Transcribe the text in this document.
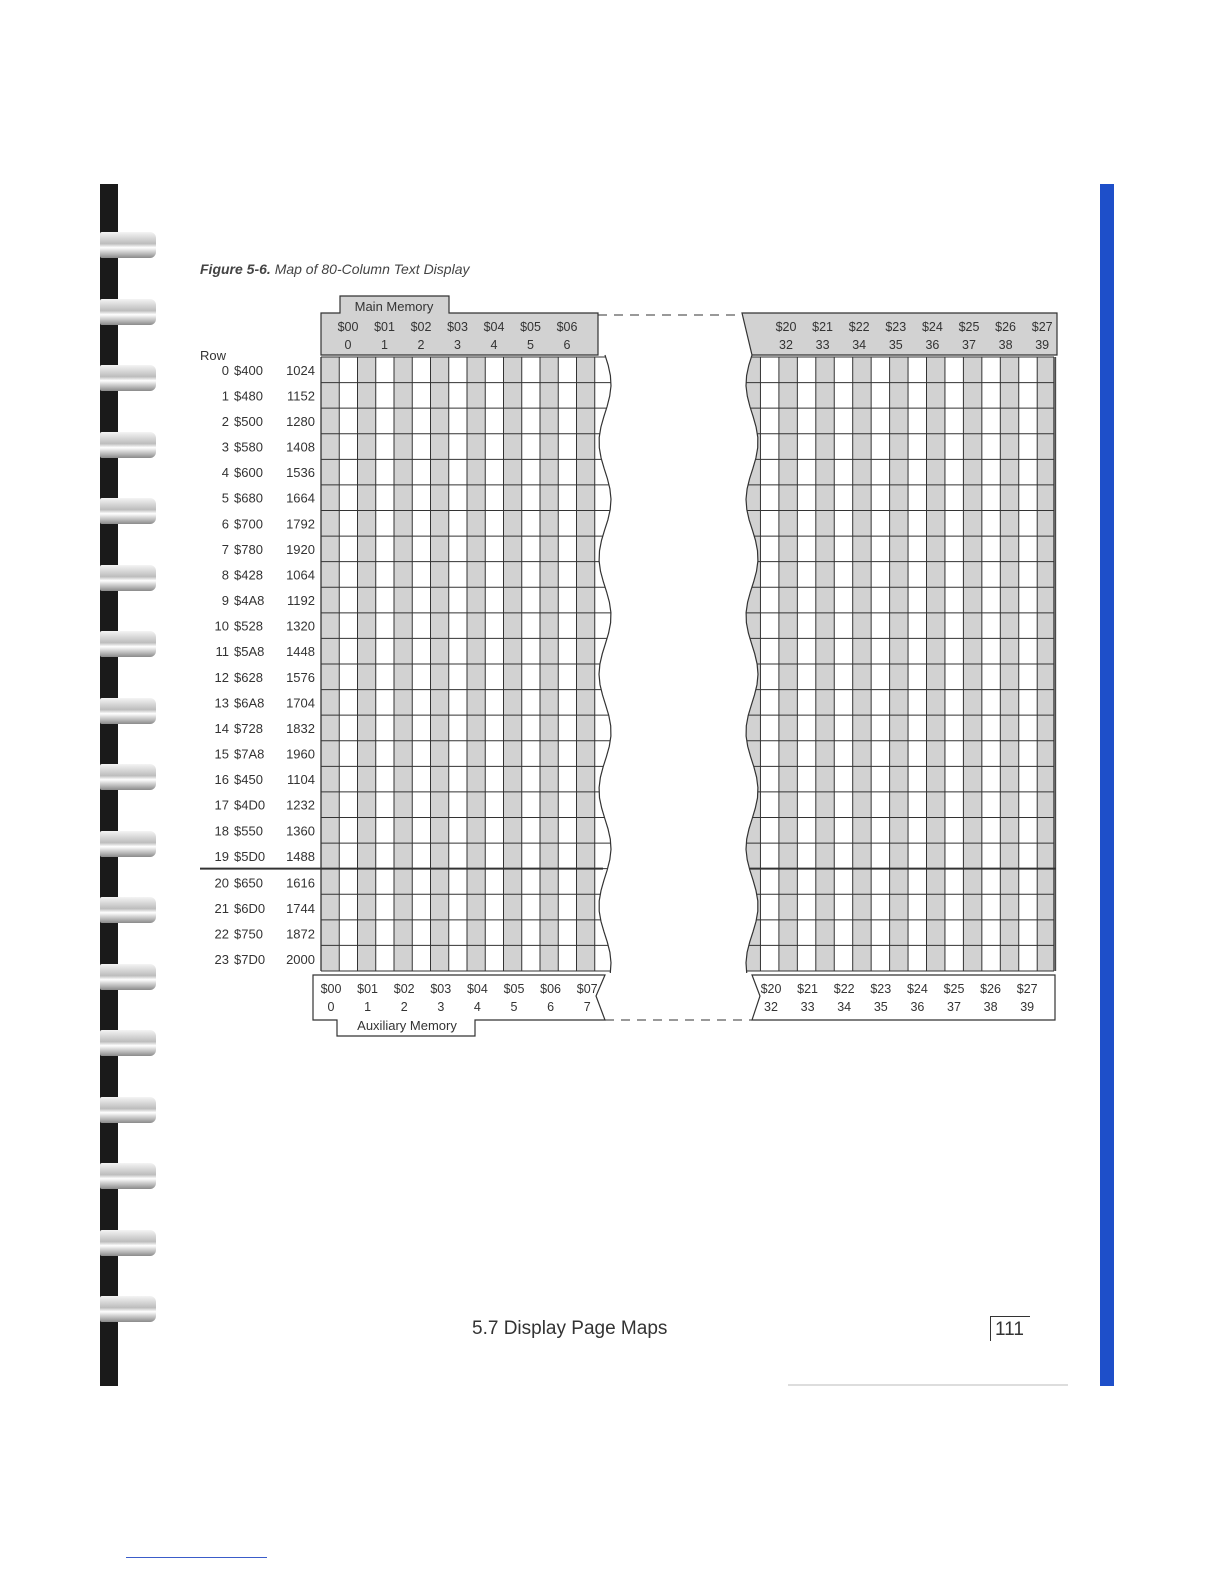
Figure 5-6. Map of 80-Column Text Display
Main Memory
$00
0
$01
1
$02
2
$03
3
$04
4
$05
5
$06
6
$20
32
$21
33
$22
34
$23
35
$24
36
$25
37
$26
38
$27
39
Row
0 $400 1024
1 $480 1152
2 $500 1280
3 $580 1408
4 $600 1536
5 $680 1664
6 $700 1792
7 $780 1920
8 $428 1064
9 $4A8 1192
10 $528 1320
11 $5A8 1448
12 $628 1576
13 $6A8 1704
14 $728 1832
15 $7A8 1960
16 $450 1104
17 $4D0 1232
18 $550 1360
19 $5D0 1488
20 $650 1616
21 $6D0 1744
22 $750 1872
23 $7D0 2000
Auxiliary Memory
$00
0
$01
1
$02
2
$03
3
$04
4
$05
5
$06
6
$07
7
$20
32
$21
33
$22
34
$23
35
$24
36
$25
37
$26
38
$27
39
5.7 Display Page Maps	111
